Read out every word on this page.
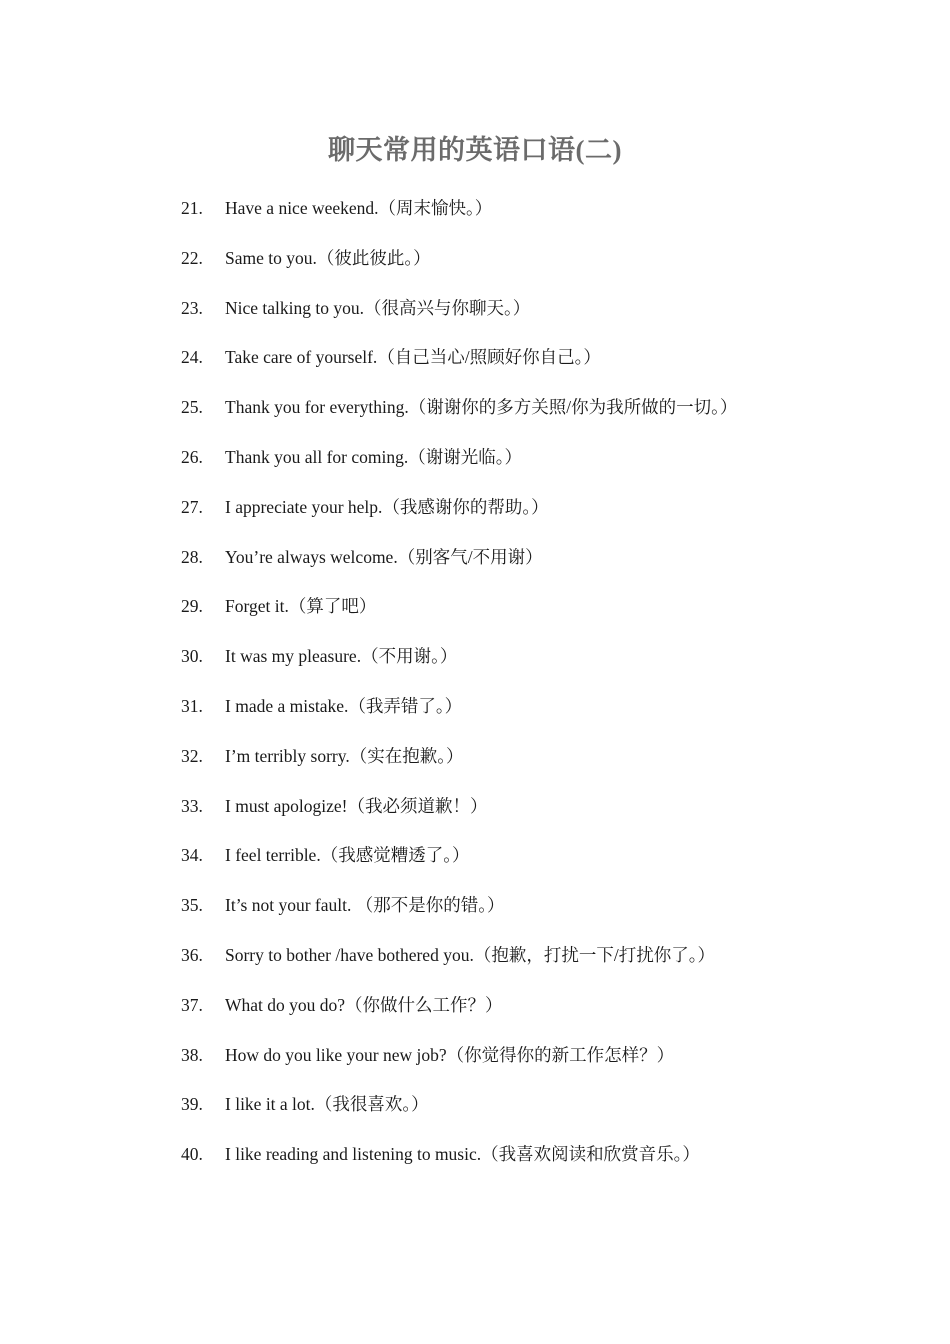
聊天常用的英语口语(二)
21. Have a nice weekend.（周末愉快。）
22. Same to you.（彼此彼此。）
23. Nice talking to you.（很高兴与你聊天。）
24. Take care of yourself.（自己当心/照顾好你自己。）
25. Thank you for everything.（谢谢你的多方关照/你为我所做的一切。）
26. Thank you all for coming.（谢谢光临。）
27. I appreciate your help.（我感谢你的帮助。）
28. You’re always welcome.（别客气/不用谢）
29. Forget it.（算了吧）
30. It was my pleasure.（不用谢。）
31. I made a mistake.（我弄错了。）
32. I’m terribly sorry.（实在抱歉。）
33. I must apologize!（我必须道歉！）
34. I feel terrible.（我感觉糟透了。）
35. It’s not your fault. （那不是你的错。）
36. Sorry to bother /have bothered you.（抱歉，打扰一下/打扰你了。）
37. What do you do?（你做什么工作？）
38. How do you like your new job?（你觉得你的新工作怎样？）
39. I like it a lot.（我很喜欢。）
40. I like reading and listening to music.（我喜欢阅读和欣赏音乐。）
